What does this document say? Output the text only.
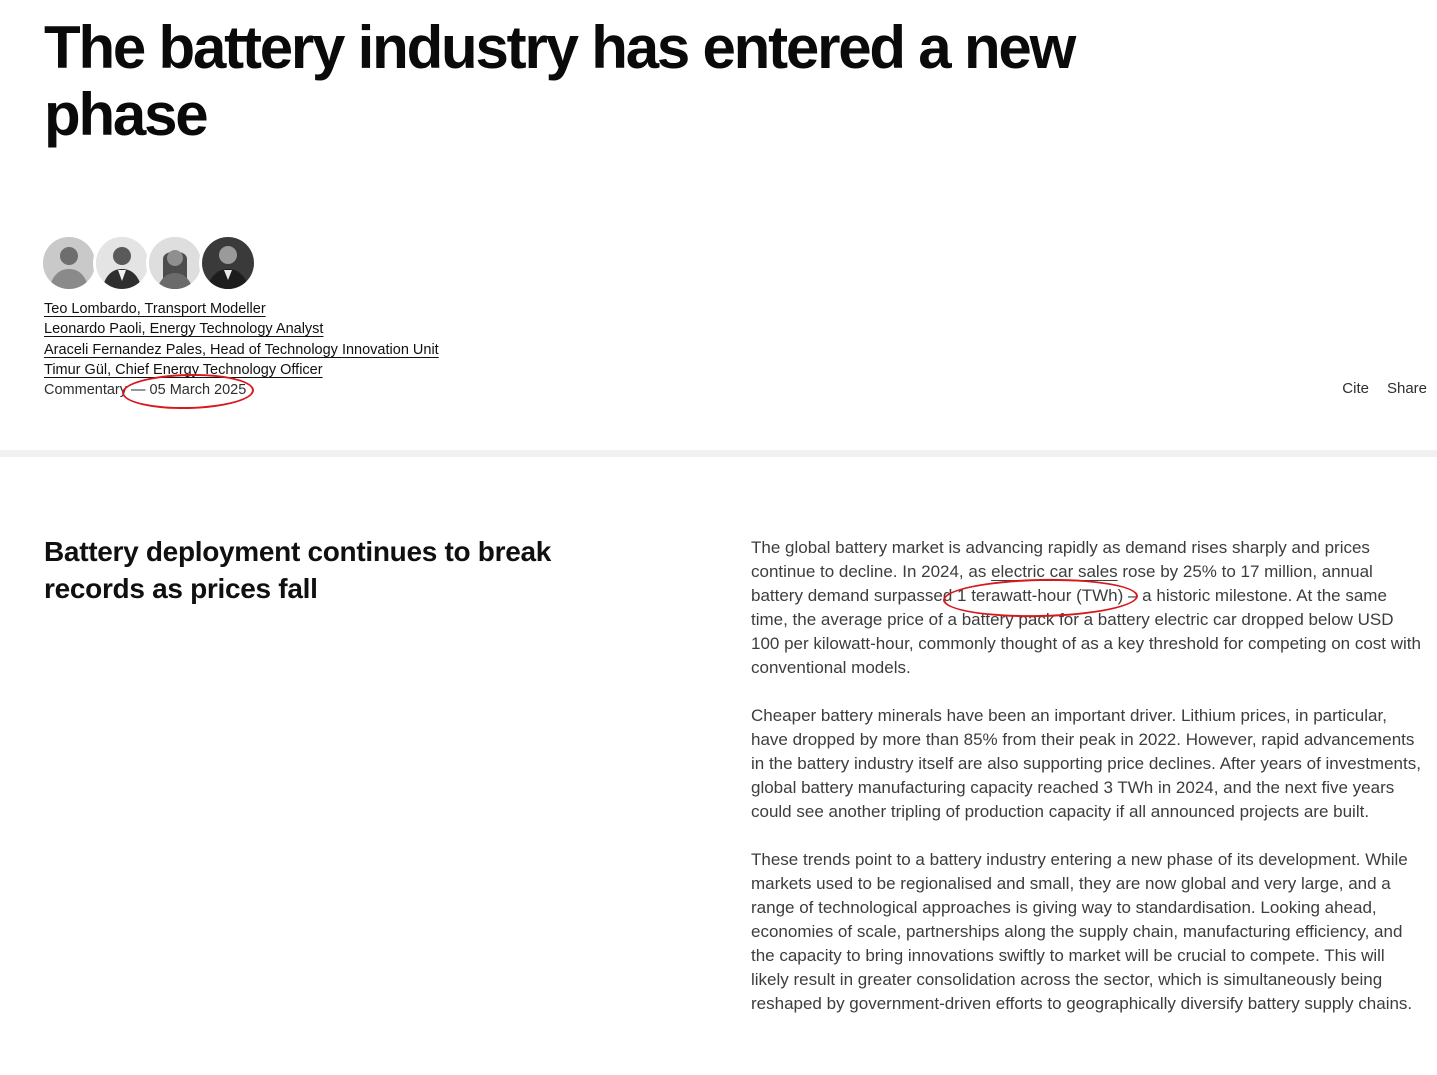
The battery industry has entered a new phase
Teo Lombardo, Transport Modeller
Leonardo Paoli, Energy Technology Analyst
Araceli Fernandez Pales, Head of Technology Innovation Unit
Timur Gül, Chief Energy Technology Officer
Commentary — 05 March 2025	Cite Share
Battery deployment continues to break records as prices fall

The global battery market is advancing rapidly as demand rises sharply and prices continue to decline. In 2024, as electric car sales rose by 25% to 17 million, annual battery demand surpassed 1 terawatt-hour (TWh) – a historic milestone. At the same time, the average price of a battery pack for a battery electric car dropped below USD 100 per kilowatt-hour, commonly thought of as a key threshold for competing on cost with conventional models.

Cheaper battery minerals have been an important driver. Lithium prices, in particular, have dropped by more than 85% from their peak in 2022. However, rapid advancements in the battery industry itself are also supporting price declines. After years of investments, global battery manufacturing capacity reached 3 TWh in 2024, and the next five years could see another tripling of production capacity if all announced projects are built.

These trends point to a battery industry entering a new phase of its development. While markets used to be regionalised and small, they are now global and very large, and a range of technological approaches is giving way to standardisation. Looking ahead, economies of scale, partnerships along the supply chain, manufacturing efficiency, and the capacity to bring innovations swiftly to market will be crucial to compete. This will likely result in greater consolidation across the sector, which is simultaneously being reshaped by government-driven efforts to geographically diversify battery supply chains.
